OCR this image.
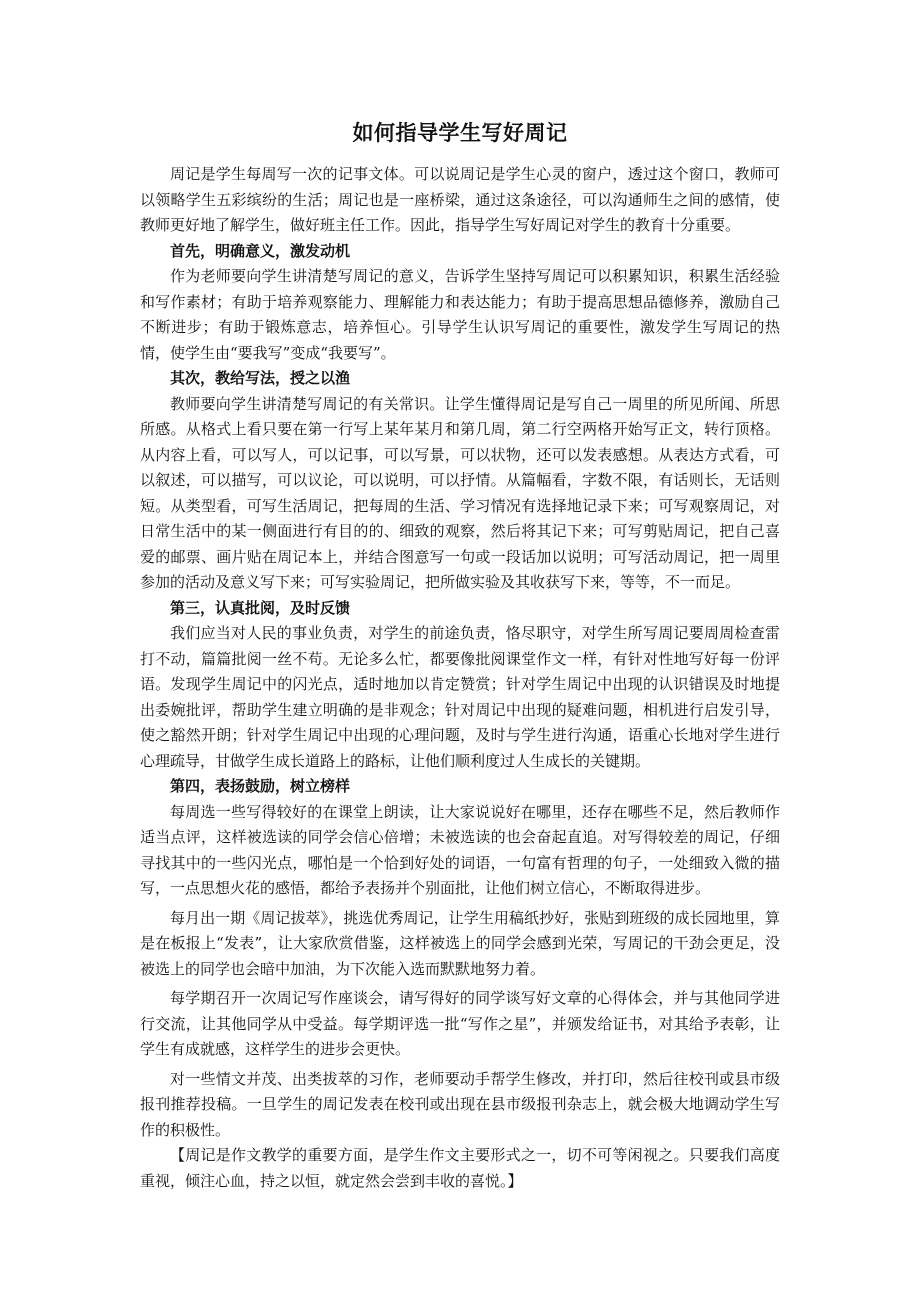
如何指导学生写好周记

周记是学生每周写一次的记事文体。可以说周记是学生心灵的窗户，透过这个窗口，教师可以领略学生五彩缤纷的生活；周记也是一座桥梁，通过这条途径，可以沟通师生之间的感情，使教师更好地了解学生，做好班主任工作。因此，指导学生写好周记对学生的教育十分重要。

首先，明确意义，激发动机

作为老师要向学生讲清楚写周记的意义，告诉学生坚持写周记可以积累知识，积累生活经验和写作素材；有助于培养观察能力、理解能力和表达能力；有助于提高思想品德修养，激励自己不断进步；有助于锻炼意志，培养恒心。引导学生认识写周记的重要性，激发学生写周记的热情，使学生由“要我写”变成“我要写”。

其次，教给写法，授之以渔

教师要向学生讲清楚写周记的有关常识。让学生懂得周记是写自己一周里的所见所闻、所思所感。从格式上看只要在第一行写上某年某月和第几周，第二行空两格开始写正文，转行顶格。从内容上看，可以写人，可以记事，可以写景，可以状物，还可以发表感想。从表达方式看，可以叙述，可以描写，可以议论，可以说明，可以抒情。从篇幅看，字数不限，有话则长，无话则短。从类型看，可写生活周记，把每周的生活、学习情况有选择地记录下来；可写观察周记，对日常生活中的某一侧面进行有目的的、细致的观察，然后将其记下来；可写剪贴周记，把自己喜爱的邮票、画片贴在周记本上，并结合图意写一句或一段话加以说明；可写活动周记，把一周里参加的活动及意义写下来；可写实验周记，把所做实验及其收获写下来，等等，不一而足。

第三，认真批阅，及时反馈

我们应当对人民的事业负责，对学生的前途负责，恪尽职守，对学生所写周记要周周检查雷打不动，篇篇批阅一丝不苟。无论多么忙，都要像批阅课堂作文一样，有针对性地写好每一份评语。发现学生周记中的闪光点，适时地加以肯定赞赏；针对学生周记中出现的认识错误及时地提出委婉批评，帮助学生建立明确的是非观念；针对周记中出现的疑难问题，相机进行启发引导， 使之豁然开朗；针对学生周记中出现的心理问题，及时与学生进行沟通，语重心长地对学生进行心理疏导，甘做学生成长道路上的路标，让他们顺利度过人生成长的关键期。

第四，表扬鼓励，树立榜样

每周选一些写得较好的在课堂上朗读，让大家说说好在哪里，还存在哪些不足，然后教师作适当点评，这样被选读的同学会信心倍增；未被选读的也会奋起直追。对写得较差的周记，仔细寻找其中的一些闪光点，哪怕是一个恰到好处的词语，一句富有哲理的句子，一处细致入微的描写，一点思想火花的感悟，都给予表扬并个别面批，让他们树立信心，不断取得进步。

每月出一期《周记拔萃》，挑选优秀周记，让学生用稿纸抄好，张贴到班级的成长园地里，算是在板报上“发表”，让大家欣赏借鉴，这样被选上的同学会感到光荣，写周记的干劲会更足，没被选上的同学也会暗中加油，为下次能入选而默默地努力着。

每学期召开一次周记写作座谈会，请写得好的同学谈写好文章的心得体会，并与其他同学进行交流，让其他同学从中受益。每学期评选一批“写作之星”，并颁发给证书，对其给予表彰，让学生有成就感，这样学生的进步会更快。

对一些情文并茂、出类拔萃的习作，老师要动手帮学生修改，并打印，然后往校刊或县市级报刊推荐投稿。一旦学生的周记发表在校刊或出现在县市级报刊杂志上，就会极大地调动学生写作的积极性。

【周记是作文教学的重要方面，是学生作文主要形式之一，切不可等闲视之。只要我们高度重视，倾注心血，持之以恒，就定然会尝到丰收的喜悦。】
